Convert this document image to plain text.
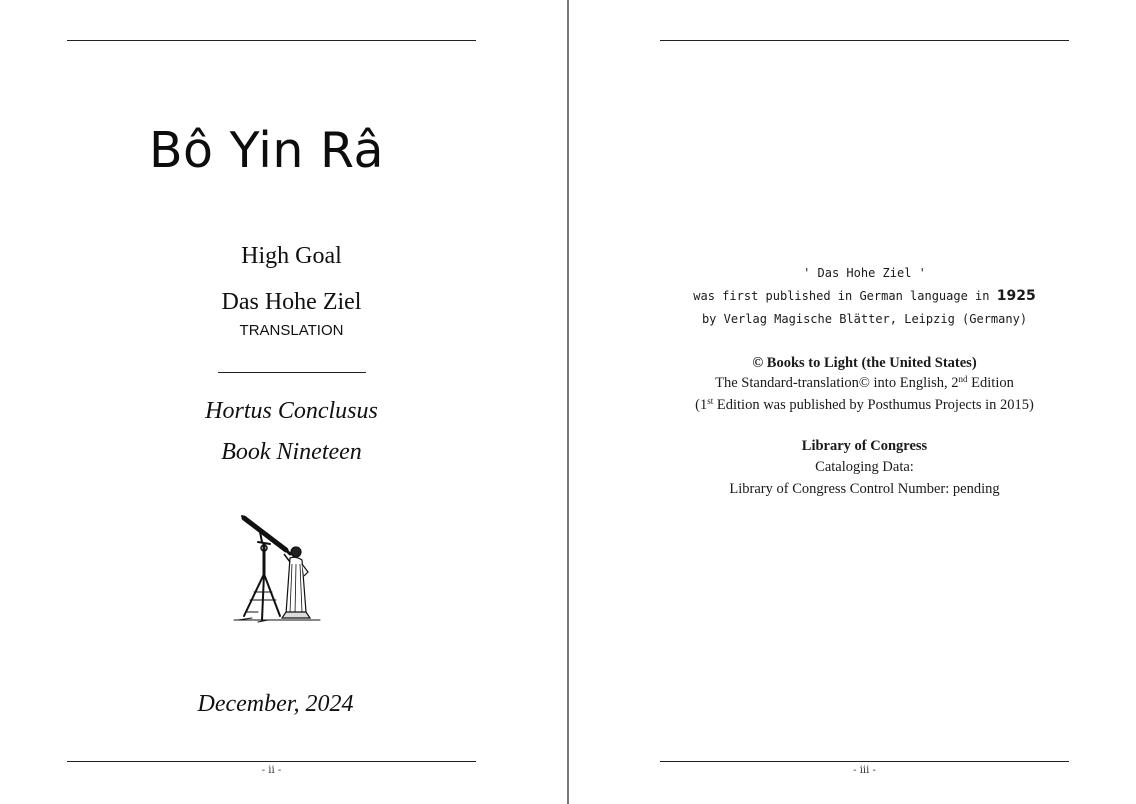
Bô Yin Râ
High Goal
Das Hohe Ziel
TRANSLATION
Hortus Conclusus
Book Nineteen
December, 2024
- ii -
' Das Hohe Ziel '
was first published in German language in 1925
by Verlag Magische Blätter, Leipzig (Germany)
© Books to Light (the United States)
The Standard-translation© into English, 2nd Edition
(1st Edition was published by Posthumus Projects in 2015)
Library of Congress
Cataloging Data:
Library of Congress Control Number: pending
- iii -
